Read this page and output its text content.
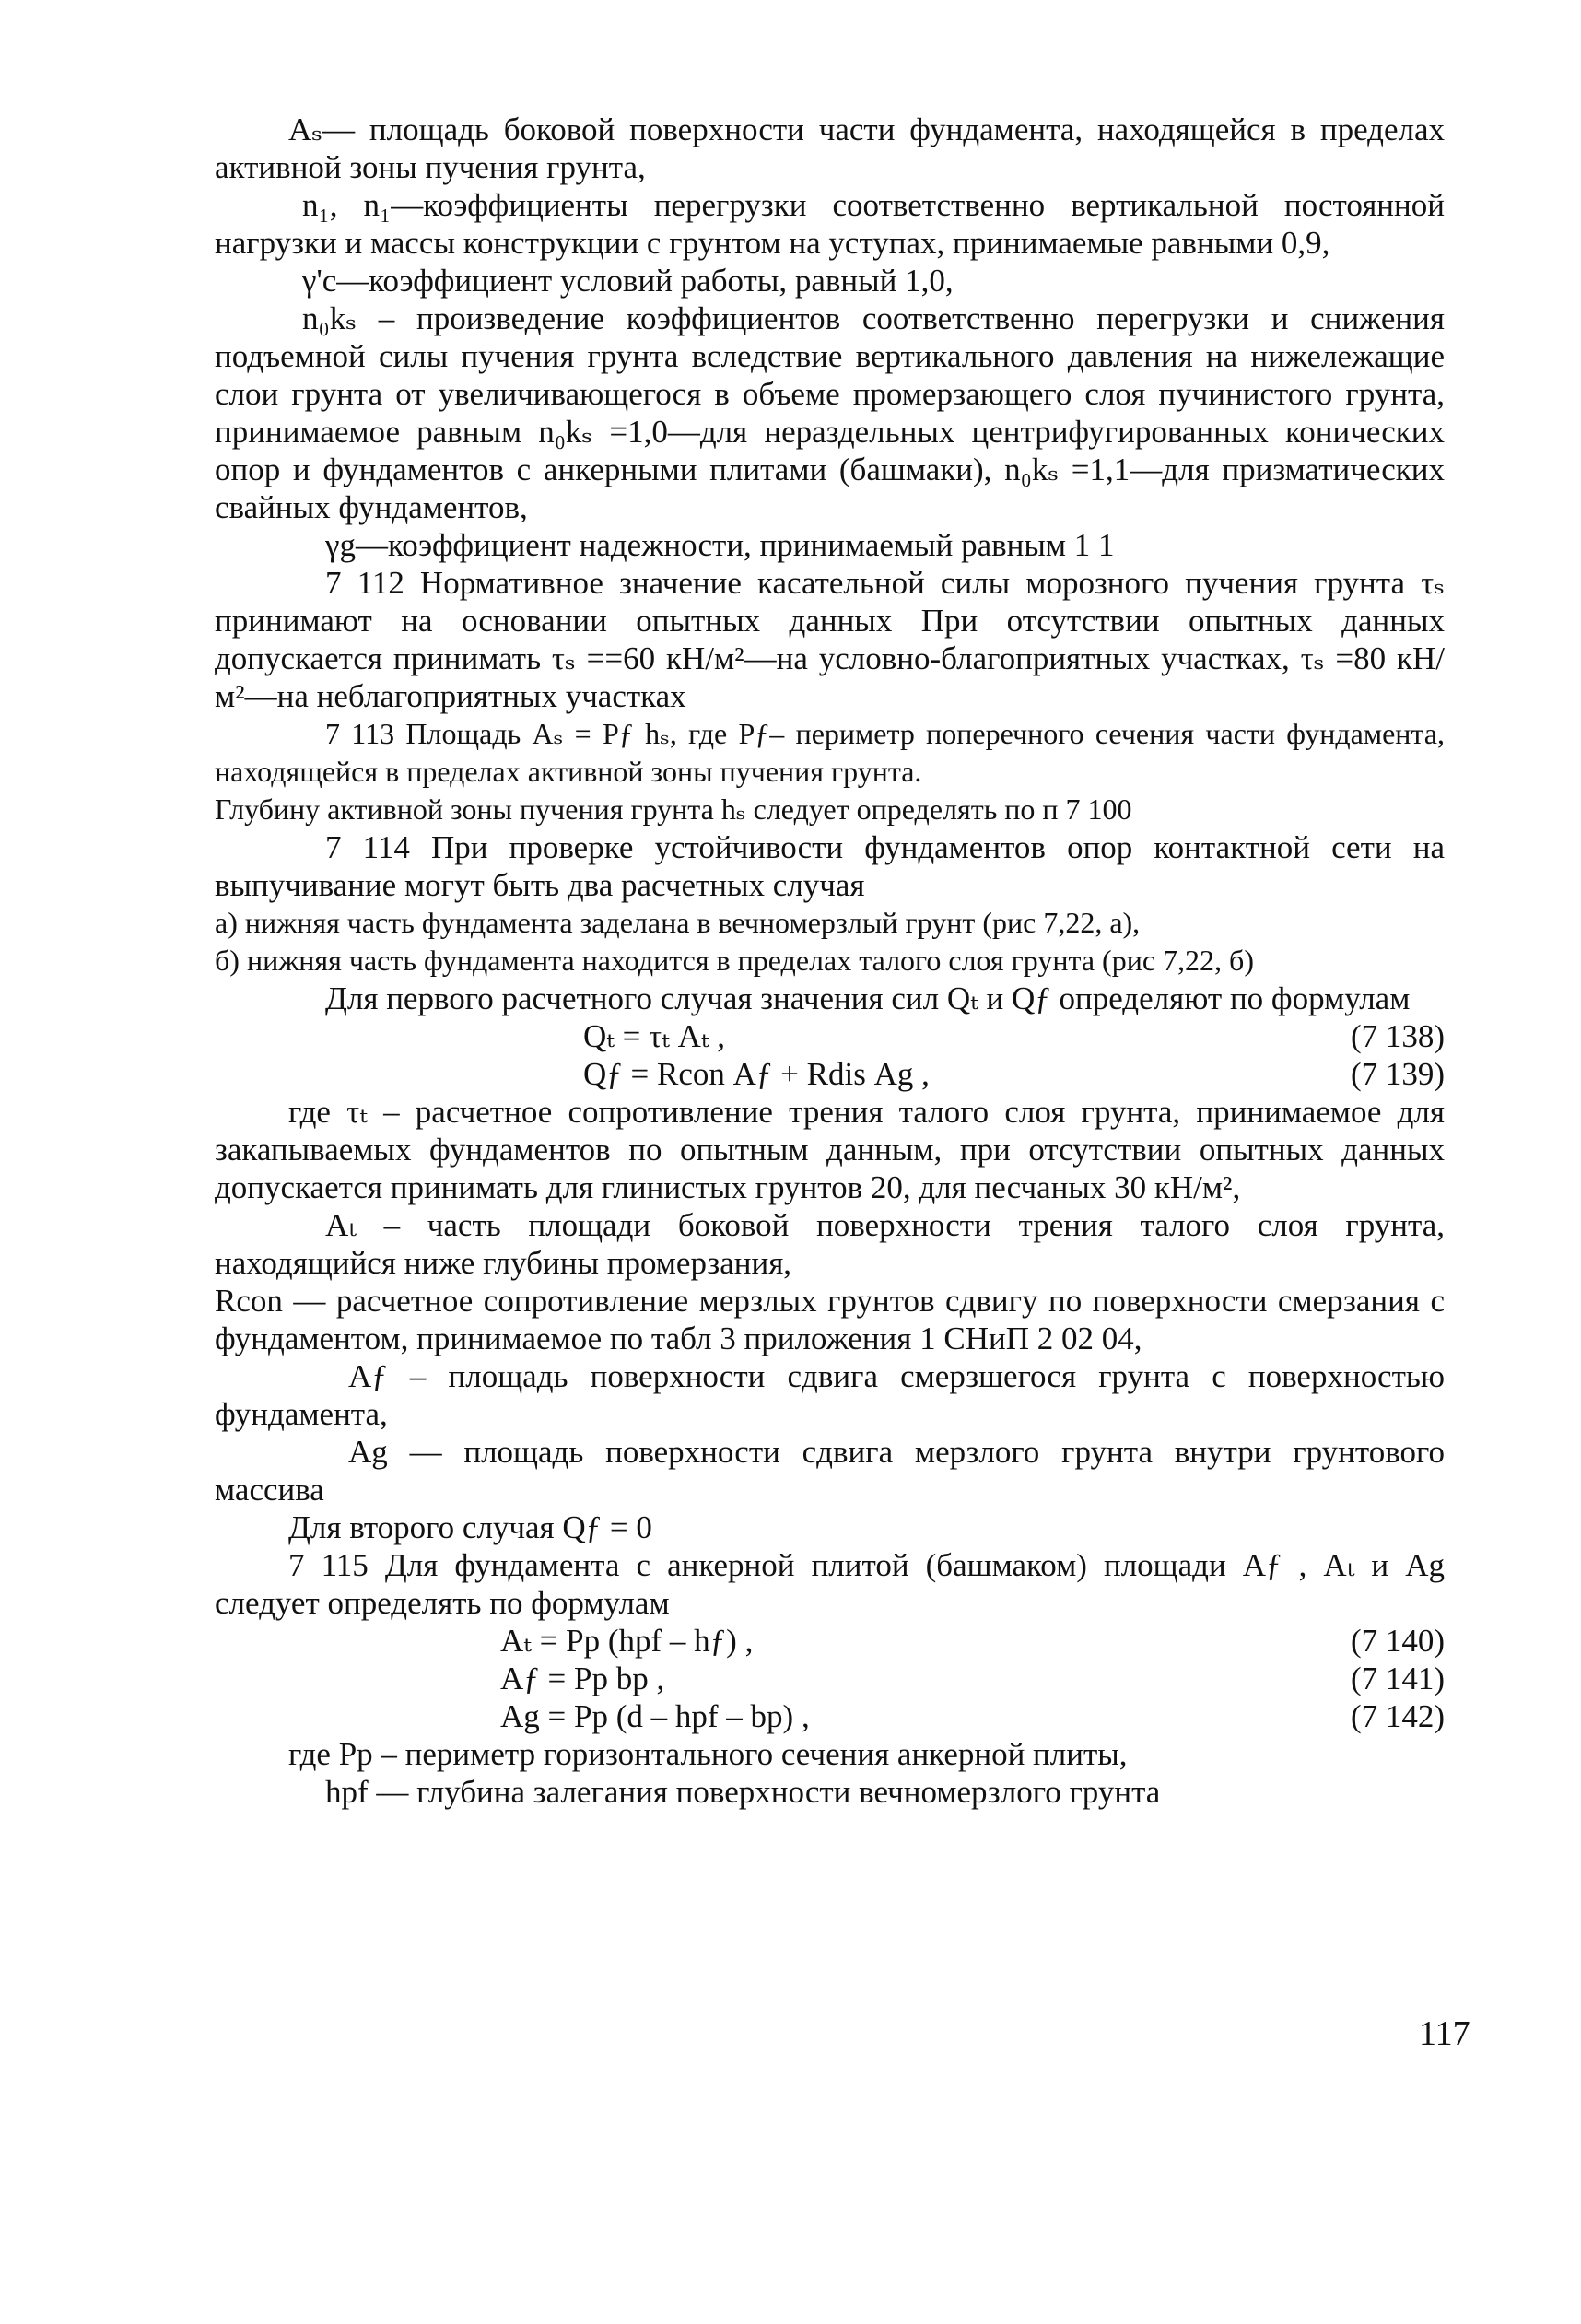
Аₛ— площадь боковой поверхности части фундамента, находящейся в пределах активной зоны пучения грунта,

n₁, n₁—коэффициенты перегрузки соответственно вертикальной постоянной нагрузки и массы конструкции с грунтом на уступах, принимаемые равными 0,9,

γ'c—коэффициент условий работы, равный 1,0,

n₀kₛ – произведение коэффициентов соответственно перегрузки и снижения подъемной силы пучения грунта вследствие вертикального давления на нижележащие слои грунта от увеличивающегося в объеме промерзающего слоя пучинистого грунта, принимаемое равным n₀kₛ =1,0—для нераздельных центрифугированных конических опор и фундаментов с анкерными плитами (башмаки), n₀kₛ =1,1—для призматических свайных фундаментов,

γg—коэффициент надежности, принимаемый равным 1 1

7 112 Нормативное значение касательной силы морозного пучения грунта τₛ принимают на основании опытных данных При отсутствии опытных данных допускается принимать τₛ ==60 кН/м²—на условно-благоприятных участках, τₛ =80 кН/м²—на неблагоприятных участках

7 113 Площадь Аₛ = Pƒ hₛ, где Pƒ– периметр поперечного сечения части фундамента, находящейся в пределах активной зоны пучения грунта.

Глубину активной зоны пучения грунта hₛ следует определять по п 7 100

7 114 При проверке устойчивости фундаментов опор контактной сети на выпучивание могут быть два расчетных случая

а) нижняя часть фундамента заделана в вечномерзлый грунт (рис 7,22, а),

б) нижняя часть фундамента находится в пределах талого слоя грунта (рис 7,22, б)

Для первого расчетного случая значения сил Qₜ и Qƒ определяют по формулам

Qₜ = τₜ Аₜ ,	(7 138)
Qƒ = Rcon Аƒ + Rdis Аg ,	(7 139)

где τₜ – расчетное сопротивление трения талого слоя грунта, принимаемое для закапываемых фундаментов по опытным данным, при отсутствии опытных данных допускается принимать для глинистых грунтов 20, для песчаных 30 кН/м²,

Аₜ – часть площади боковой поверхности трения талого слоя грунта, находящийся ниже глубины промерзания,

Rcon — расчетное сопротивление мерзлых грунтов сдвигу по поверхности смерзания с фундаментом, принимаемое по табл 3 приложения 1 СНиП 2 02 04,

Аƒ – площадь поверхности сдвига смерзшегося грунта с поверхностью фундамента,

Аg — площадь поверхности сдвига мерзлого грунта внутри грунтового массива

Для второго случая Qƒ = 0

7 115 Для фундамента с анкерной плитой (башмаком) площади Аƒ , Аₜ и Аg следует определять по формулам

Аₜ = Pp (hpf – hƒ) ,	(7 140)
Аƒ = Pp bp ,	(7 141)
Аg = Pp (d – hpf – bp) ,	(7 142)

где Pp – периметр горизонтального сечения анкерной плиты,

hpf — глубина залегания поверхности вечномерзлого грунта

117
